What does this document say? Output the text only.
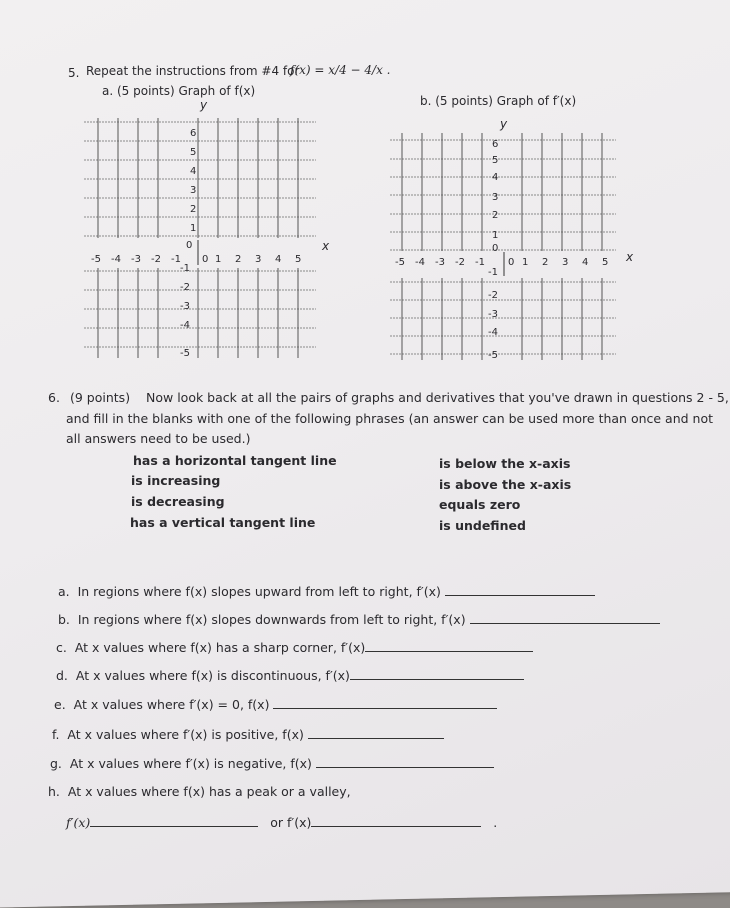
5. Repeat the instructions from #4 for
f(x) = x/4 − 4/x .
a. (5 points) Graph of f(x)
b. (5 points) Graph of f′(x)
y
x
6
5
4
3
2
1
0
-1
-2
-3
-4
-5
-5 -4 -3 -2 -1 0 1 2 3 4 5
y
x
6
5
4
3
2
1
0
-1
-2
-3
-4
-5
-5 -4 -3 -2 -1 0 1 2 3 4 5
6. (9 points) Now look back at all the pairs of graphs and derivatives that you've drawn in questions 2 - 5,
and fill in the blanks with one of the following phrases (an answer can be used more than once and not
all answers need to be used.)
has a horizontal tangent line
is increasing
is decreasing
has a vertical tangent line
is below the x-axis
is above the x-axis
equals zero
is undefined
a. In regions where f(x) slopes upward from left to right, f′(x)
b. In regions where f(x) slopes downwards from left to right, f′(x)
c. At x values where f(x) has a sharp corner, f′(x)
d. At x values where f(x) is discontinuous, f′(x)
e. At x values where f′(x) = 0, f(x)
f. At x values where f′(x) is positive, f(x)
g. At x values where f′(x) is negative, f(x)
h. At x values where f(x) has a peak or a valley,
f′(x)	or f′(x)	.
